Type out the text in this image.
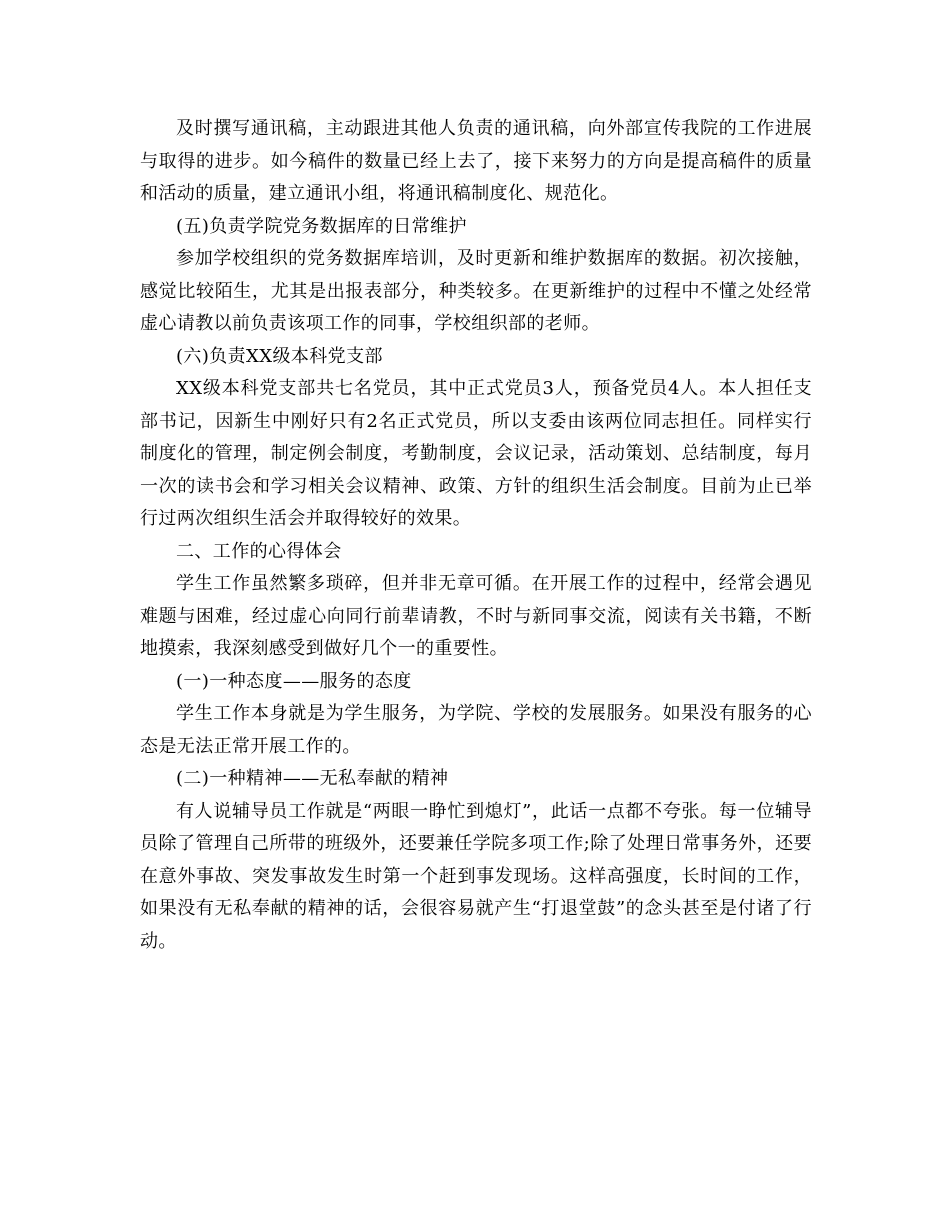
及时撰写通讯稿，主动跟进其他人负责的通讯稿，向外部宣传我院的工作进展与取得的进步。如今稿件的数量已经上去了，接下来努力的方向是提高稿件的质量和活动的质量，建立通讯小组，将通讯稿制度化、规范化。

(五)负责学院党务数据库的日常维护

参加学校组织的党务数据库培训，及时更新和维护数据库的数据。初次接触，感觉比较陌生，尤其是出报表部分，种类较多。在更新维护的过程中不懂之处经常虚心请教以前负责该项工作的同事，学校组织部的老师。

(六)负责XX级本科党支部

XX级本科党支部共七名党员，其中正式党员3人，预备党员4人。本人担任支部书记，因新生中刚好只有2名正式党员，所以支委由该两位同志担任。同样实行制度化的管理，制定例会制度，考勤制度，会议记录，活动策划、总结制度，每月一次的读书会和学习相关会议精神、政策、方针的组织生活会制度。目前为止已举行过两次组织生活会并取得较好的效果。

二、工作的心得体会

学生工作虽然繁多琐碎，但并非无章可循。在开展工作的过程中，经常会遇见难题与困难，经过虚心向同行前辈请教，不时与新同事交流，阅读有关书籍，不断地摸索，我深刻感受到做好几个一的重要性。

(一)一种态度——服务的态度

学生工作本身就是为学生服务，为学院、学校的发展服务。如果没有服务的心态是无法正常开展工作的。

(二)一种精神——无私奉献的精神

有人说辅导员工作就是“两眼一睁忙到熄灯”，此话一点都不夸张。每一位辅导员除了管理自己所带的班级外，还要兼任学院多项工作;除了处理日常事务外，还要在意外事故、突发事故发生时第一个赶到事发现场。这样高强度，长时间的工作，如果没有无私奉献的精神的话，会很容易就产生“打退堂鼓”的念头甚至是付诸了行动。
